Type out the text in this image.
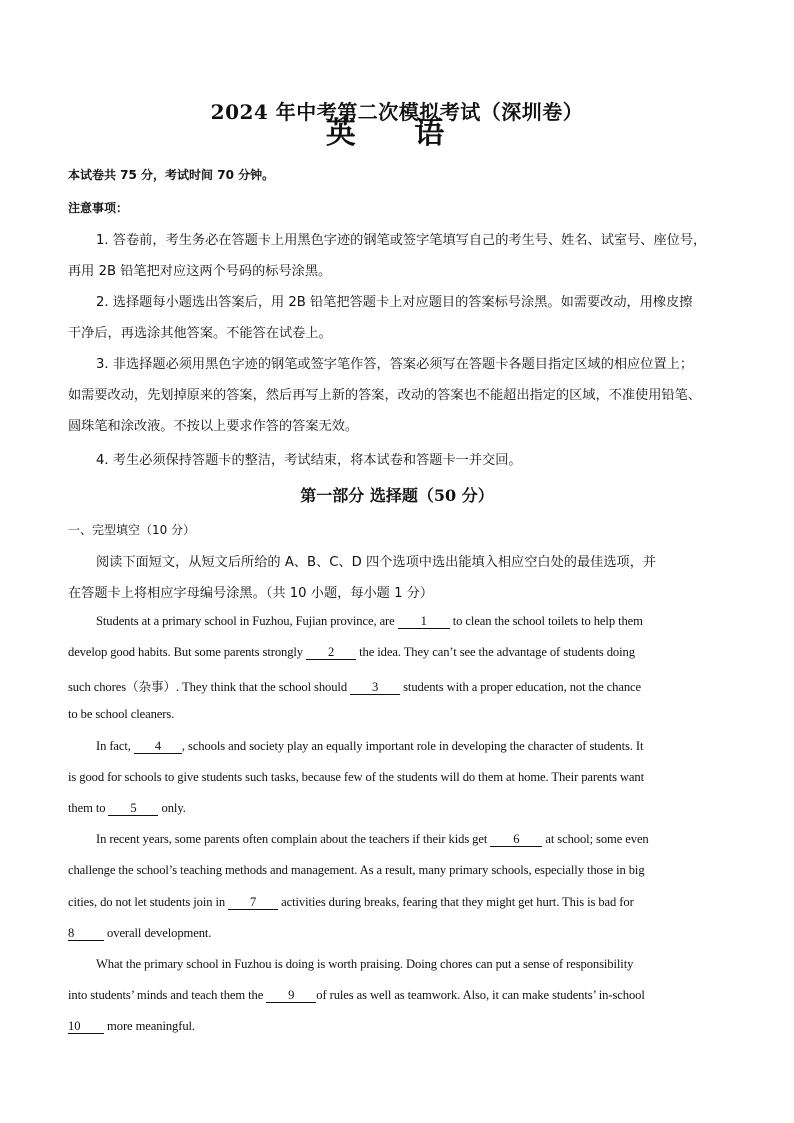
2024 年中考第二次模拟考试（深圳卷）
英 语
本试卷共 75 分，考试时间 70 分钟。
注意事项：
1. 答卷前，考生务必在答题卡上用黑色字迹的钢笔或签字笔填写自己的考生号、姓名、试室号、座位号，
再用 2B 铅笔把对应这两个号码的标号涂黑。
2. 选择题每小题选出答案后，用 2B 铅笔把答题卡上对应题目的答案标号涂黑。如需要改动，用橡皮擦
干净后，再选涂其他答案。不能答在试卷上。
3. 非选择题必须用黑色字迹的钢笔或签字笔作答，答案必须写在答题卡各题目指定区域的相应位置上；
如需要改动，先划掉原来的答案，然后再写上新的答案，改动的答案也不能超出指定的区域，不准使用铅笔、
圆珠笔和涂改液。不按以上要求作答的答案无效。
4. 考生必须保持答题卡的整洁，考试结束，将本试卷和答题卡一并交回。
第一部分 选择题（50 分）
一、完型填空（10 分）
阅读下面短文，从短文后所给的 A、B、C、D 四个选项中选出能填入相应空白处的最佳选项，并
在答题卡上将相应字母编号涂黑。（共 10 小题，每小题 1 分）
Students at a primary school in Fuzhou, Fujian province, are 1 to clean the school toilets to help them
develop good habits. But some parents strongly 2 the idea. They can’t see the advantage of students doing
such chores（杂事）. They think that the school should 3 students with a proper education, not the chance
to be school cleaners.
In fact, 4 , schools and society play an equally important role in developing the character of students. It
is good for schools to give students such tasks, because few of the students will do them at home. Their parents want
them to 5 only.
In recent years, some parents often complain about the teachers if their kids get 6 at school; some even
challenge the school’s teaching methods and management. As a result, many primary schools, especially those in big
cities, do not let students join in 7 activities during breaks, fearing that they might get hurt. This is bad for
8 overall development.
What the primary school in Fuzhou is doing is worth praising. Doing chores can put a sense of responsibility
into students’ minds and teach them the 9 of rules as well as teamwork. Also, it can make students’ in-school
10 more meaningful.
